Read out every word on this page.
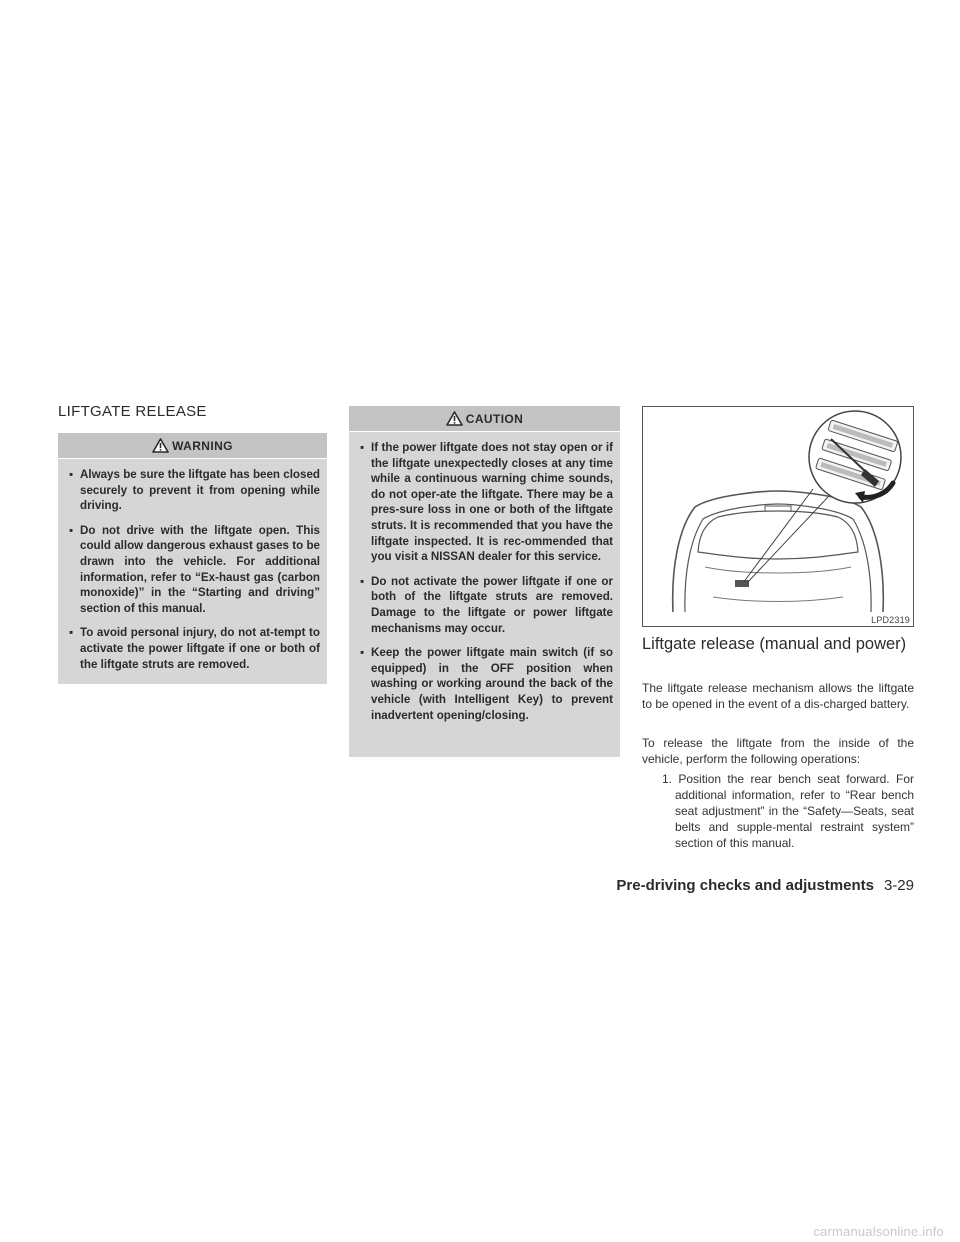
LIFTGATE RELEASE
WARNING
▪ Always be sure the liftgate has been closed securely to prevent it from opening while driving.
▪ Do not drive with the liftgate open. This could allow dangerous exhaust gases to be drawn into the vehicle. For additional information, refer to “Ex-haust gas (carbon monoxide)” in the “Starting and driving” section of this manual.
▪ To avoid personal injury, do not at-tempt to activate the power liftgate if one or both of the liftgate struts are removed.
CAUTION
▪ If the power liftgate does not stay open or if the liftgate unexpectedly closes at any time while a continuous warning chime sounds, do not oper-ate the liftgate. There may be a pres-sure loss in one or both of the liftgate struts. It is recommended that you have the liftgate inspected. It is rec-ommended that you visit a NISSAN dealer for this service.
▪ Do not activate the power liftgate if one or both of the liftgate struts are removed. Damage to the liftgate or power liftgate mechanisms may occur.
▪ Keep the power liftgate main switch (if so equipped) in the OFF position when washing or working around the back of the vehicle (with Intelligent Key) to prevent inadvertent opening/closing.
LPD2319
Liftgate release (manual and power)

The liftgate release mechanism allows the liftgate to be opened in the event of a dis-charged battery.

To release the liftgate from the inside of the vehicle, perform the following operations:

1. Position the rear bench seat forward. For additional information, refer to “Rear bench seat adjustment” in the “Safety—Seats, seat belts and supple-mental restraint system” section of this manual.

Pre-driving checks and adjustments 3-29
carmanualsonline.info
